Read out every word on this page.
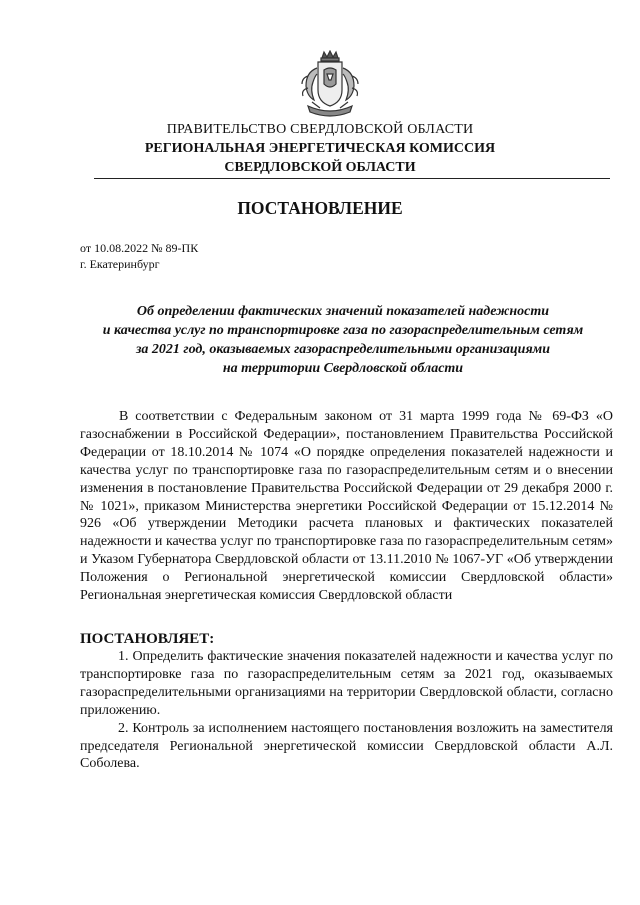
ПРАВИТЕЛЬСТВО СВЕРДЛОВСКОЙ ОБЛАСТИ
РЕГИОНАЛЬНАЯ ЭНЕРГЕТИЧЕСКАЯ КОМИССИЯ
СВЕРДЛОВСКОЙ ОБЛАСТИ
ПОСТАНОВЛЕНИЕ
от 10.08.2022 № 89-ПК
г. Екатеринбург
Об определении фактических значений показателей надежности
и качества услуг по транспортировке газа по газораспределительным сетям
за 2021 год, оказываемых газораспределительными организациями
на территории Свердловской области

В соответствии с Федеральным законом от 31 марта 1999 года № 69-ФЗ «О газоснабжении в Российской Федерации», постановлением Правительства Российской Федерации от 18.10.2014 № 1074 «О порядке определения показателей надежности и качества услуг по транспортировке газа по газораспределительным сетям и о внесении изменения в постановление Правительства Российской Федерации от 29 декабря 2000 г. № 1021», приказом Министерства энергетики Российской Федерации от 15.12.2014 № 926 «Об утверждении Методики расчета плановых и фактических показателей надежности и качества услуг по транспортировке газа по газораспределительным сетям» и Указом Губернатора Свердловской области от 13.11.2010 № 1067-УГ «Об утверждении Положения о Региональной энергетической комиссии Свердловской области» Региональная энергетическая комиссия Свердловской области

ПОСТАНОВЛЯЕТ:

1. Определить фактические значения показателей надежности и качества услуг по транспортировке газа по газораспределительным сетям за 2021 год, оказываемых газораспределительными организациями на территории Свердловской области, согласно приложению.

2. Контроль за исполнением настоящего постановления возложить на заместителя председателя Региональной энергетической комиссии Свердловской области А.Л. Соболева.
